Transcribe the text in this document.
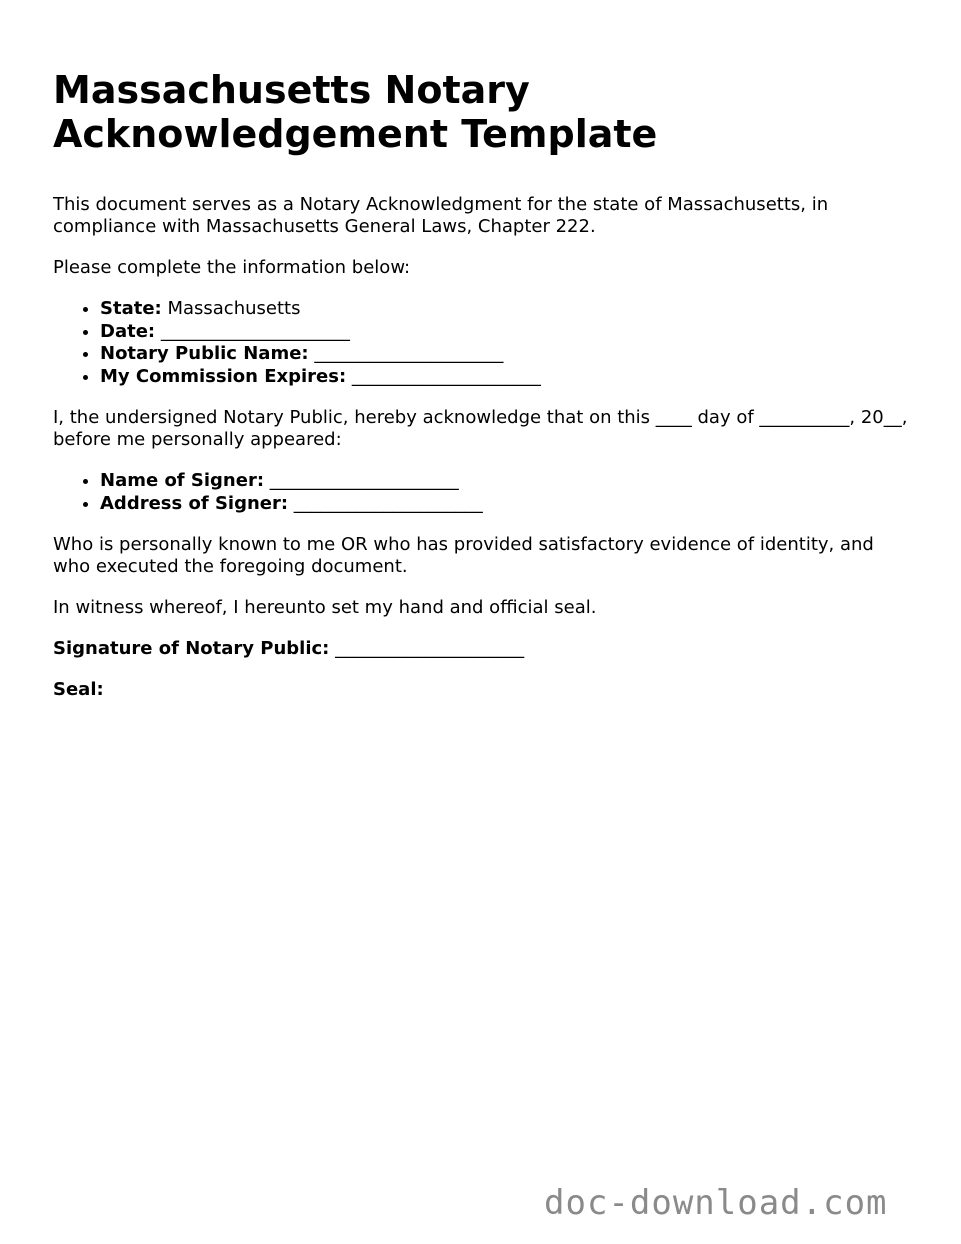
Massachusetts Notary Acknowledgement Template

This document serves as a Notary Acknowledgment for the state of Massachusetts, in compliance with Massachusetts General Laws, Chapter 222.

Please complete the information below:

• State: Massachusetts
• Date: _____________________
• Notary Public Name: _____________________
• My Commission Expires: _____________________

I, the undersigned Notary Public, hereby acknowledge that on this ____ day of __________, 20__, before me personally appeared:

• Name of Signer: _____________________
• Address of Signer: _____________________

Who is personally known to me OR who has provided satisfactory evidence of identity, and who executed the foregoing document.

In witness whereof, I hereunto set my hand and official seal.

Signature of Notary Public: _____________________

Seal:

doc-download.com
